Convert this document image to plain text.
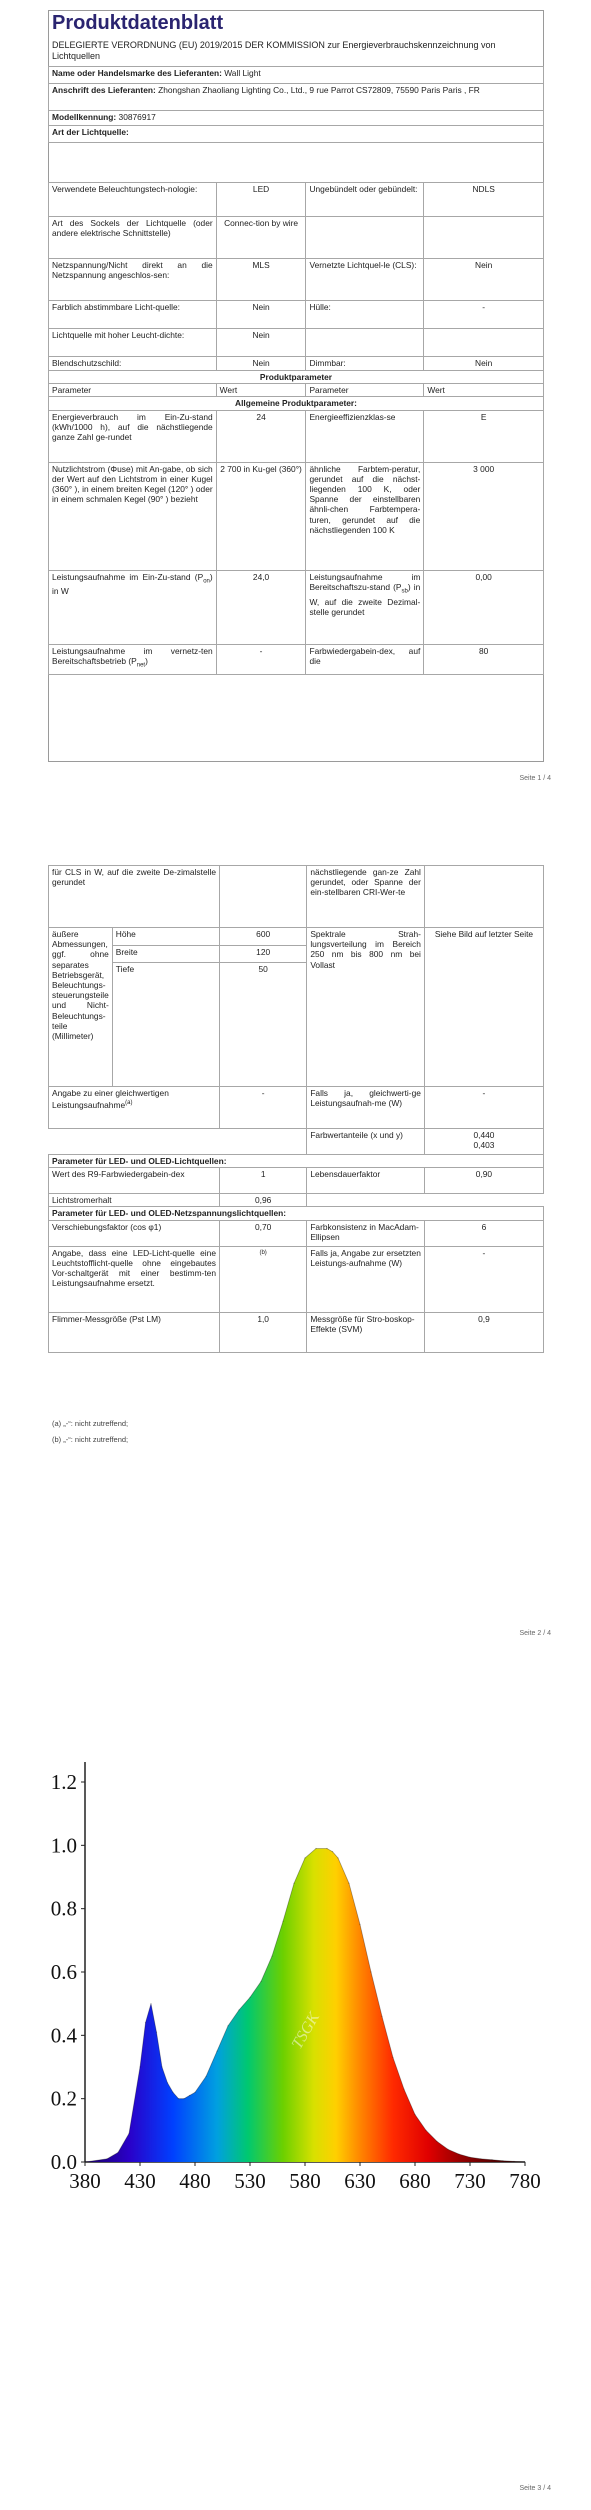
Produktdatenblatt
DELEGIERTE VERORDNUNG (EU) 2019/2015 DER KOMMISSION zur Energieverbrauchskennzeichnung von Lichtquellen
Name oder Handelsmarke des Lieferanten: Wall Light
Anschrift des Lieferanten: Zhongshan Zhaoliang Lighting Co., Ltd., 9 rue Parrot CS72809, 75590 Paris Paris , FR
Modellkennung: 30876917
Art der Lichtquelle:
Verwendete Beleuchtungstech-nologie:	LED	Ungebündelt oder gebündelt:	NDLS
Art des Sockels der Lichtquelle (oder andere elektrische Schnittstelle)	Connec-tion by wire		
Netzspannung/Nicht direkt an die Netzspannung angeschlos-sen:	MLS	Vernetzte Lichtquel-le (CLS):	Nein
Farblich abstimmbare Licht-quelle:	Nein	Hülle:	-
Lichtquelle mit hoher Leucht-dichte:	Nein		
Blendschutzschild:	Nein	Dimmbar:	Nein
Produktparameter			
Parameter	Wert	Parameter	Wert
Allgemeine Produktparameter:			
Energieverbrauch im Ein-Zu-stand (kWh/1000 h), auf die nächstliegende ganze Zahl ge-rundet	24	Energieeffizienzklas-se	E
Nutzlichtstrom (Φuse) mit An-gabe, ob sich der Wert auf den Lichtstrom in einer Kugel (360° ), in einem breiten Kegel (120° ) oder in einem schmalen Kegel (90° ) bezieht	2 700 in Ku-gel (360°)	ähnliche Farbtem-peratur, gerundet auf die nächst-liegenden 100 K, oder Spanne der einstellbaren ähnli-chen Farbtempera-turen, gerundet auf die nächstliegenden 100 K	3 000
Leistungsaufnahme im Ein-Zu-stand $(P_{on})$ in W	24,0	Leistungsaufnahme im Bereitschaftszu-stand $(P_{sb})$ in W, auf die zweite Dezimal-stelle gerundet	0,00
Leistungsaufnahme im vernetz-ten Bereitschaftsbetrieb $(P_{net})$	-	Farbwiedergabein-dex, auf die	80
Seite 1 / 4
für CLS in W, auf die zweite De-zimalstelle gerundet			nächstliegende gan-ze Zahl gerundet, oder Spanne der ein-stellbaren CRI-Wer-te	
äußere Abmessungen, ggf. ohne separates Betriebsgerät, Beleuchtungs-steuerungsteile und Nicht-Beleuchtungs-teile (Millimeter)	Höhe	600	Spektrale Strah-lungsverteilung im Bereich 250 nm bis 800 nm bei Vollast	Siehe Bild auf letzter Seite
	Breite	120		
	Tiefe	50		
Angabe zu einer gleichwertigen Leistungsaufnahme$^{(a)}$		-	Falls ja, gleichwerti-ge Leistungsaufnah-me (W)	-
			Farbwertanteile (x und y)	0,440
0,403
Parameter für LED- und OLED-Lichtquellen:				
Wert des R9-Farbwiedergabein-dex		1	Lebensdauerfaktor	0,90
Lichtstromerhalt		0,96		
Parameter für LED- und OLED-Netzspannungslichtquellen:				
Verschiebungsfaktor (cos φ1)		0,70	Farbkonsistenz in MacAdam-Ellipsen	6
Angabe, dass eine LED-Licht-quelle eine Leuchtstofflicht-quelle ohne eingebautes Vor-schaltgerät mit einer bestimm-ten Leistungsaufnahme ersetzt.		$^{(b)}$	Falls ja, Angabe zur ersetzten Leistungs-aufnahme (W)	-
Flimmer-Messgröße (Pst LM)		1,0	Messgröße für Stro-boskop-Effekte (SVM)	0,9
(a) „-“: nicht zutreffend;
(b) „-“: nicht zutreffend;
Seite 2 / 4
TSGK	TSGK	TSGK
380 430 480 530 580 630 680 730 780
0.0
0.2
0.4
0.6
0.8
1.0
1.2
Seite 3 / 4
